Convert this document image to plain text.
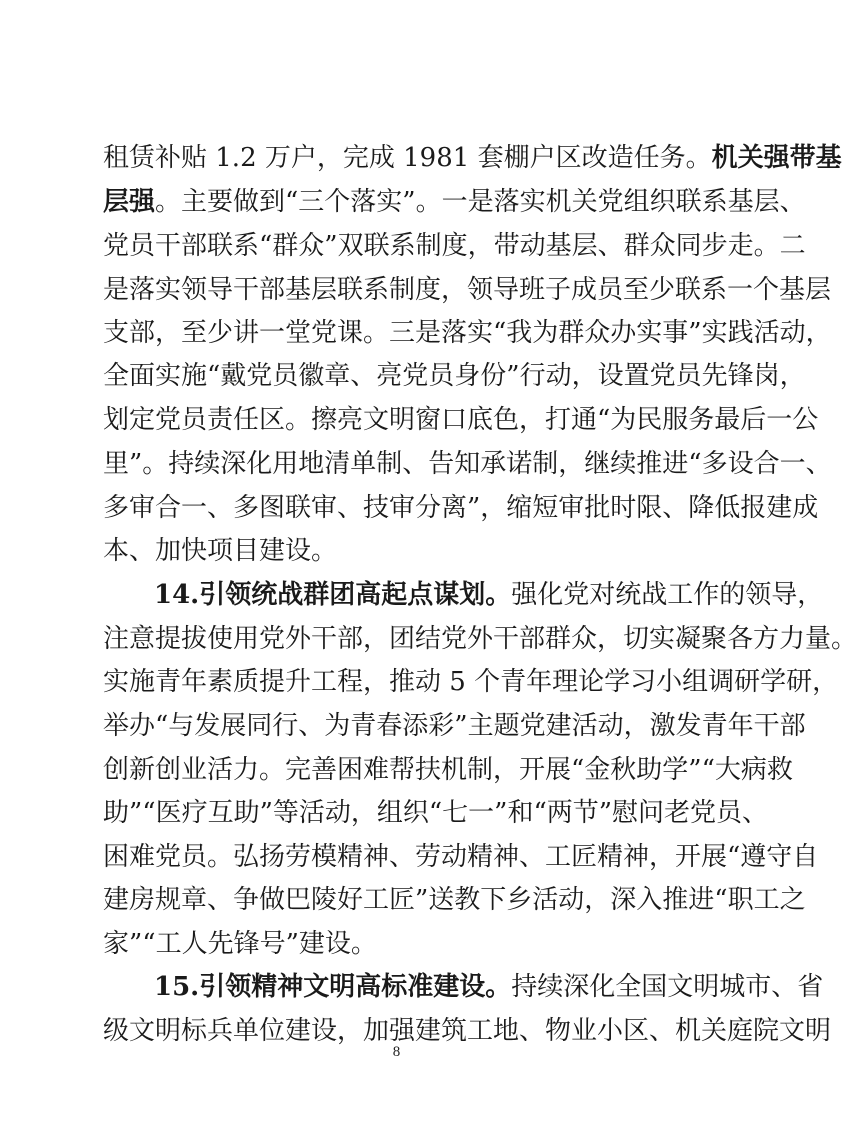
租赁补贴 1.2 万户，完成 1981 套棚户区改造任务。机关强带基
层强。主要做到“三个落实”。一是落实机关党组织联系基层、
党员干部联系“群众”双联系制度，带动基层、群众同步走。二
是落实领导干部基层联系制度，领导班子成员至少联系一个基层
支部，至少讲一堂党课。三是落实“我为群众办实事”实践活动，
全面实施“戴党员徽章、亮党员身份”行动，设置党员先锋岗，
划定党员责任区。擦亮文明窗口底色，打通“为民服务最后一公
里”。持续深化用地清单制、告知承诺制，继续推进“多设合一、
多审合一、多图联审、技审分离”，缩短审批时限、降低报建成
本、加快项目建设。
14.引领统战群团高起点谋划。强化党对统战工作的领导，
注意提拔使用党外干部，团结党外干部群众，切实凝聚各方力量。
实施青年素质提升工程，推动 5 个青年理论学习小组调研学研，
举办“与发展同行、为青春添彩”主题党建活动，激发青年干部
创新创业活力。完善困难帮扶机制，开展“金秋助学”“大病救
助”“医疗互助”等活动，组织“七一”和“两节”慰问老党员、
困难党员。弘扬劳模精神、劳动精神、工匠精神，开展“遵守自
建房规章、争做巴陵好工匠”送教下乡活动，深入推进“职工之
家”“工人先锋号”建设。
15.引领精神文明高标准建设。持续深化全国文明城市、省
级文明标兵单位建设，加强建筑工地、物业小区、机关庭院文明
8
